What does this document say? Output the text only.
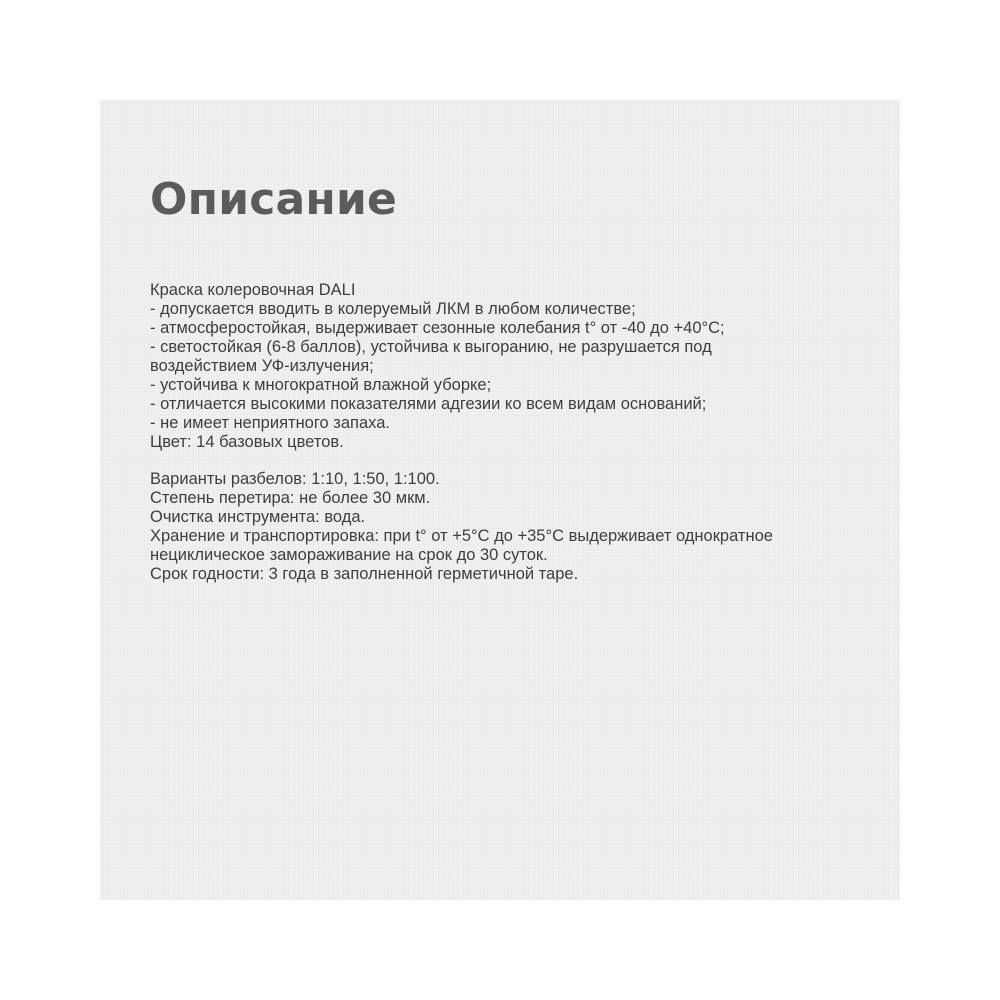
Описание
Краска колеровочная DALI
- допускается вводить в колеруемый ЛКМ в любом количестве;
- атмосферостойкая, выдерживает сезонные колебания t° от -40 до +40°С;
- светостойкая (6-8 баллов), устойчива к выгоранию, не разрушается под
воздействием УФ-излучения;
- устойчива к многократной влажной уборке;
- отличается высокими показателями адгезии ко всем видам оснований;
- не имеет неприятного запаха.
Цвет: 14 базовых цветов.
Варианты разбелов: 1:10, 1:50, 1:100.
Степень перетира: не более 30 мкм.
Очистка инструмента: вода.
Хранение и транспортировка: при t° от +5°С до +35°С выдерживает однократное
нециклическое замораживание на срок до 30 суток.
Срок годности: 3 года в заполненной герметичной таре.
